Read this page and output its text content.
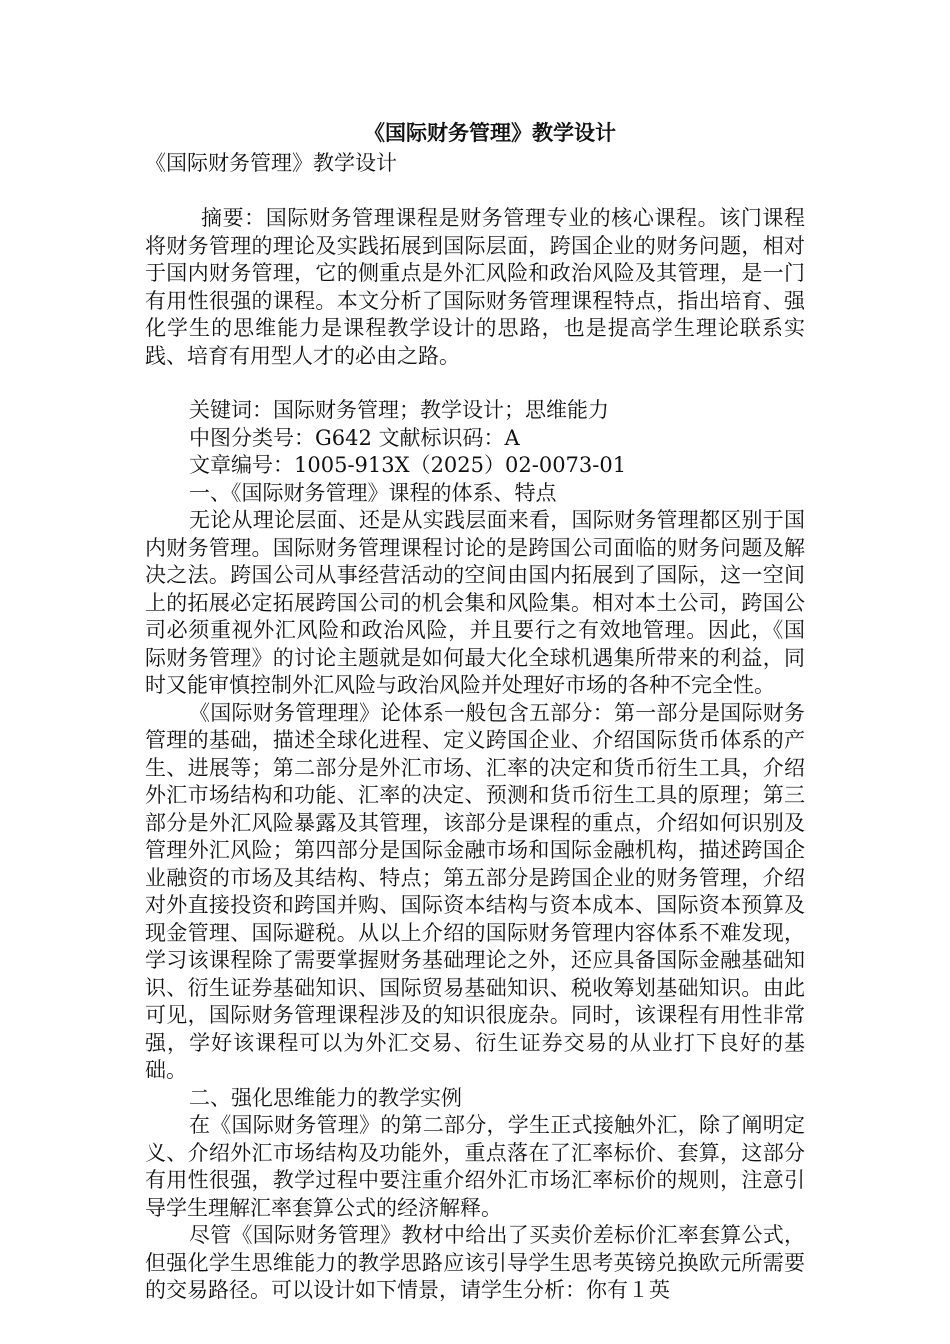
《国际财务管理》教学设计

《国际财务管理》教学设计

摘要：国际财务管理课程是财务管理专业的核心课程。该门课程将财务管理的理论及实践拓展到国际层面，跨国企业的财务问题，相对于国内财务管理，它的侧重点是外汇风险和政治风险及其管理，是一门有用性很强的课程。本文分析了国际财务管理课程特点，指出培育、强化学生的思维能力是课程教学设计的思路，也是提高学生理论联系实践、培育有用型人才的必由之路。

关键词：国际财务管理；教学设计；思维能力

中图分类号：G642 文献标识码：A

文章编号：1005-913X（2025）02-0073-01

一、《国际财务管理》课程的体系、特点

无论从理论层面、还是从实践层面来看，国际财务管理都区别于国内财务管理。国际财务管理课程讨论的是跨国公司面临的财务问题及解决之法。跨国公司从事经营活动的空间由国内拓展到了国际，这一空间上的拓展必定拓展跨国公司的机会集和风险集。相对本土公司，跨国公司必须重视外汇风险和政治风险，并且要行之有效地管理。因此，《国际财务管理》的讨论主题就是如何最大化全球机遇集所带来的利益，同时又能审慎控制外汇风险与政治风险并处理好市场的各种不完全性。

《国际财务管理理》论体系一般包含五部分：第一部分是国际财务管理的基础，描述全球化进程、定义跨国企业、介绍国际货币体系的产生、进展等；第二部分是外汇市场、汇率的决定和货币衍生工具，介绍外汇市场结构和功能、汇率的决定、预测和货币衍生工具的原理；第三部分是外汇风险暴露及其管理，该部分是课程的重点，介绍如何识别及管理外汇风险；第四部分是国际金融市场和国际金融机构，描述跨国企业融资的市场及其结构、特点；第五部分是跨国企业的财务管理，介绍对外直接投资和跨国并购、国际资本结构与资本成本、国际资本预算及现金管理、国际避税。从以上介绍的国际财务管理内容体系不难发现，学习该课程除了需要掌握财务基础理论之外，还应具备国际金融基础知识、衍生证券基础知识、国际贸易基础知识、税收筹划基础知识。由此可见，国际财务管理课程涉及的知识很庞杂。同时，该课程有用性非常强，学好该课程可以为外汇交易、衍生证券交易的从业打下良好的基础。

二、强化思维能力的教学实例

在《国际财务管理》的第二部分，学生正式接触外汇，除了阐明定义、介绍外汇市场结构及功能外，重点落在了汇率标价、套算，这部分有用性很强，教学过程中要注重介绍外汇市场汇率标价的规则，注意引导学生理解汇率套算公式的经济解释。

尽管《国际财务管理》教材中给出了买卖价差标价汇率套算公式，但强化学生思维能力的教学思路应该引导学生思考英镑兑换欧元所需要的交易路径。可以设计如下情景，请学生分析：你有１英
